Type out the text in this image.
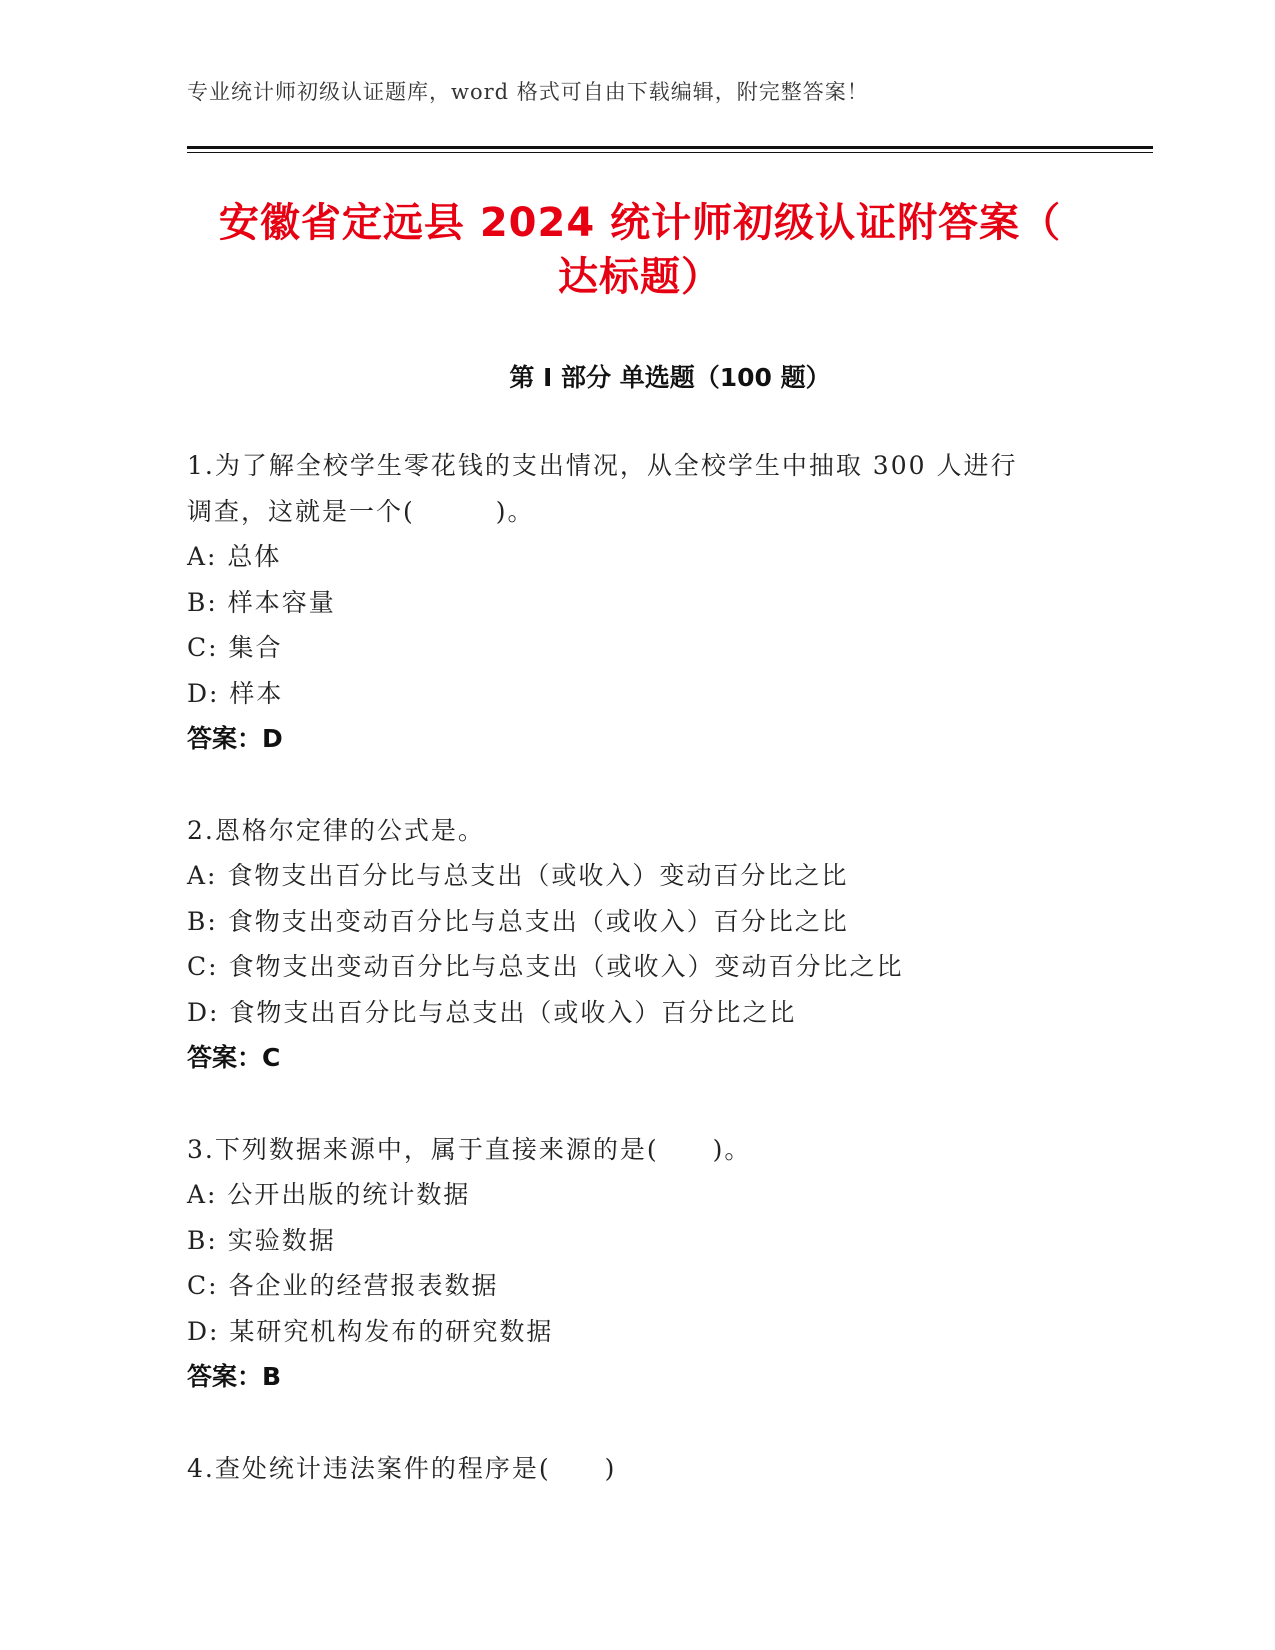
专业统计师初级认证题库，word 格式可自由下载编辑，附完整答案！
安徽省定远县 2024 统计师初级认证附答案（
达标题）
第 I 部分 单选题（100 题）
1.为了解全校学生零花钱的支出情况，从全校学生中抽取 300 人进行
调查，这就是一个(　　　)。
A: 总体
B: 样本容量
C: 集合
D: 样本
答案：D
2.恩格尔定律的公式是。
A: 食物支出百分比与总支出（或收入）变动百分比之比
B: 食物支出变动百分比与总支出（或收入）百分比之比
C: 食物支出变动百分比与总支出（或收入）变动百分比之比
D: 食物支出百分比与总支出（或收入）百分比之比
答案：C
3.下列数据来源中，属于直接来源的是(　　)。
A: 公开出版的统计数据
B: 实验数据
C: 各企业的经营报表数据
D: 某研究机构发布的研究数据
答案：B
4.查处统计违法案件的程序是(　　)
